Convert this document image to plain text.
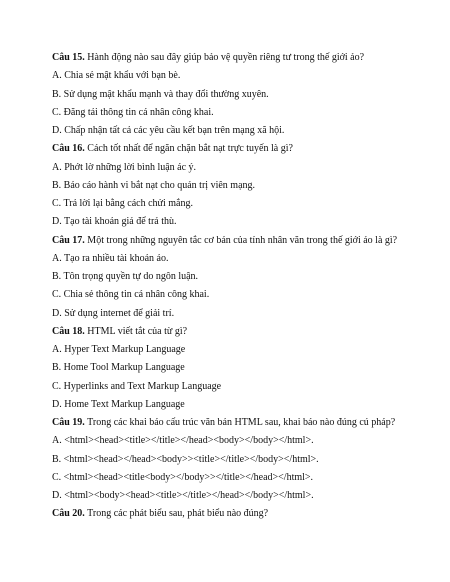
Câu 15. Hành động nào sau đây giúp bảo vệ quyền riêng tư trong thế giới ảo?
A. Chia sẻ mật khẩu với bạn bè.
B. Sử dụng mật khẩu mạnh và thay đổi thường xuyên.
C. Đăng tải thông tin cá nhân công khai.
D. Chấp nhận tất cả các yêu cầu kết bạn trên mạng xã hội.
Câu 16. Cách tốt nhất để ngăn chặn bắt nạt trực tuyến là gì?
A. Phớt lờ những lời bình luận ác ý.
B. Báo cáo hành vi bắt nạt cho quản trị viên mạng.
C. Trả lời lại bằng cách chửi mắng.
D. Tạo tài khoản giả để trả thù.
Câu 17. Một trong những nguyên tắc cơ bản của tính nhân văn trong thế giới ảo là gì?
A. Tạo ra nhiều tài khoản ảo.
B. Tôn trọng quyền tự do ngôn luận.
C. Chia sẻ thông tin cá nhân công khai.
D. Sử dụng internet để giải trí.
Câu 18. HTML viết tắt của từ gì?
A. Hyper Text Markup Language
B. Home Tool Markup Language
C. Hyperlinks and Text Markup Language
D. Home Text Markup Language
Câu 19. Trong các khai báo cấu trúc văn bản HTML sau, khai báo nào đúng cú pháp?
A. <html><head><title></title></head><body></body></html>.
B. <html><head></head><body>><title></title></body></html>.
C. <html><head><title<body></body>></title></head></html>.
D. <html><body><head><title></title></head></body></html>.
Câu 20. Trong các phát biểu sau, phát biểu nào đúng?
